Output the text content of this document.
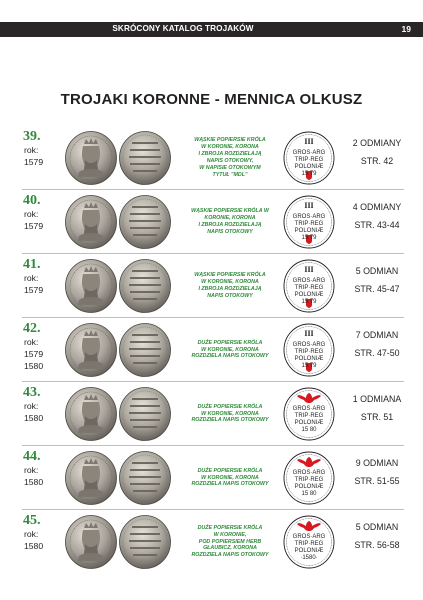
SKRÓCONY KATALOG TROJAKÓW	19
TROJAKI KORONNE - MENNICA OLKUSZ
39.
rok:
1579
WĄSKIE POPIERSIE KRÓLA
W KORONIE, KORONA
I ZBROJA ROZDZIELAJĄ
NAPIS OTOKOWY,
W NAPISIE OTOKOWYM
TYTUŁ "MDL"
III
GROS·ARG
TRIP·REG
POLONIÆ
15 79
2 ODMIANY
STR. 42
40.
rok:
1579
WĄSKIE POPIERSIE KRÓLA W
KORONIE, KORONA
I ZBROJA ROZDZIELAJĄ
NAPIS OTOKOWY
III
GROS·ARG
TRIP·REG
POLONIÆ
15 79
4 ODMIANY
STR. 43-44
41.
rok:
1579
WĄSKIE POPIERSIE KRÓLA
W KORONIE, KORONA
I ZBROJA ROZDZIELAJĄ
NAPIS OTOKOWY
III
GROS·ARG
TRIP·REG
POLONIÆ
15 79
5 ODMIAN
STR. 45-47
42.
rok:
1579
1580
DUŻE POPIERSIE KRÓLA
W KORONIE, KORONA
ROZDZIELA NAPIS OTOKOWY
III
GROS·ARG
TRIP·REG
POLONIÆ
15 79
7 ODMIAN
STR. 47-50
43.
rok:
1580
DUŻE POPIERSIE KRÓLA
W KORONIE, KORONA
ROZDZIELA NAPIS OTOKOWY
GROS·ARG
TRIP·REG
POLONIÆ
15 80
1 ODMIANA
STR. 51
44.
rok:
1580
DUŻE POPIERSIE KRÓLA
W KORONIE, KORONA
ROZDZIELA NAPIS OTOKOWY
GROS·ARG
TRIP·REG
POLONIÆ
15 80
9 ODMIAN
STR. 51-55
45.
rok:
1580
DUŻE POPIERSIE KRÓLA
W KORONIE,
POD POPIERSIEM HERB
GŁAUBICZ, KORONA
ROZDZIELA NAPIS OTOKOWY
GROS·ARG
TRIP·REG
POLONIÆ
·1580·
5 ODMIAN
STR. 56-58
